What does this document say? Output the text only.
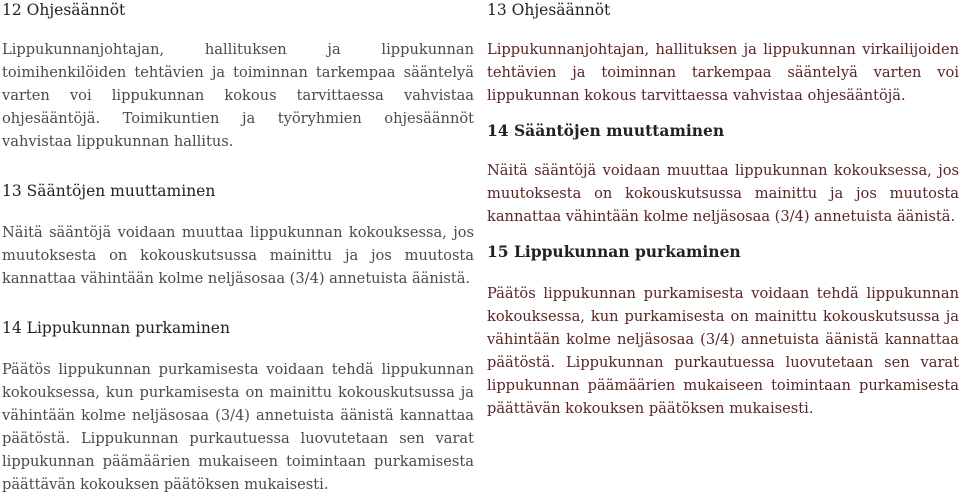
12 Ohjesäännöt

Lippukunnanjohtajan, hallituksen ja lippukunnan toimihenkilöiden tehtävien ja toiminnan tarkempaa sääntelyä varten voi lippukunnan kokous tarvittaessa vahvistaa ohjesääntöjä. Toimikuntien ja työryhmien ohjesäännöt vahvistaa lippukunnan hallitus.

13 Sääntöjen muuttaminen

Näitä sääntöjä voidaan muuttaa lippukunnan kokouksessa, jos muutoksesta on kokouskutsussa mainittu ja jos muutosta kannattaa vähintään kolme neljäsosaa (3/4) annetuista äänistä.

14 Lippukunnan purkaminen

Päätös lippukunnan purkamisesta voidaan tehdä lippukunnan kokouksessa, kun purkamisesta on mainittu kokouskutsussa ja vähintään kolme neljäsosaa (3/4) annetuista äänistä kannattaa päätöstä. Lippukunnan purkautuessa luovutetaan sen varat lippukunnan päämäärien mukaiseen toimintaan purkamisesta päättävän kokouksen päätöksen mukaisesti.

13 Ohjesäännöt

Lippukunnanjohtajan, hallituksen ja lippukunnan virkailijoiden tehtävien ja toiminnan tarkempaa sääntelyä varten voi lippukunnan kokous tarvittaessa vahvistaa ohjesääntöjä.

14 Sääntöjen muuttaminen

Näitä sääntöjä voidaan muuttaa lippukunnan kokouksessa, jos muutoksesta on kokouskutsussa mainittu ja jos muutosta kannattaa vähintään kolme neljäsosaa (3/4) annetuista äänistä.

15 Lippukunnan purkaminen

Päätös lippukunnan purkamisesta voidaan tehdä lippukunnan kokouksessa, kun purkamisesta on mainittu kokouskutsussa ja vähintään kolme neljäsosaa (3/4) annetuista äänistä kannattaa päätöstä. Lippukunnan purkautuessa luovutetaan sen varat lippukunnan päämäärien mukaiseen toimintaan purkamisesta päättävän kokouksen päätöksen mukaisesti.
